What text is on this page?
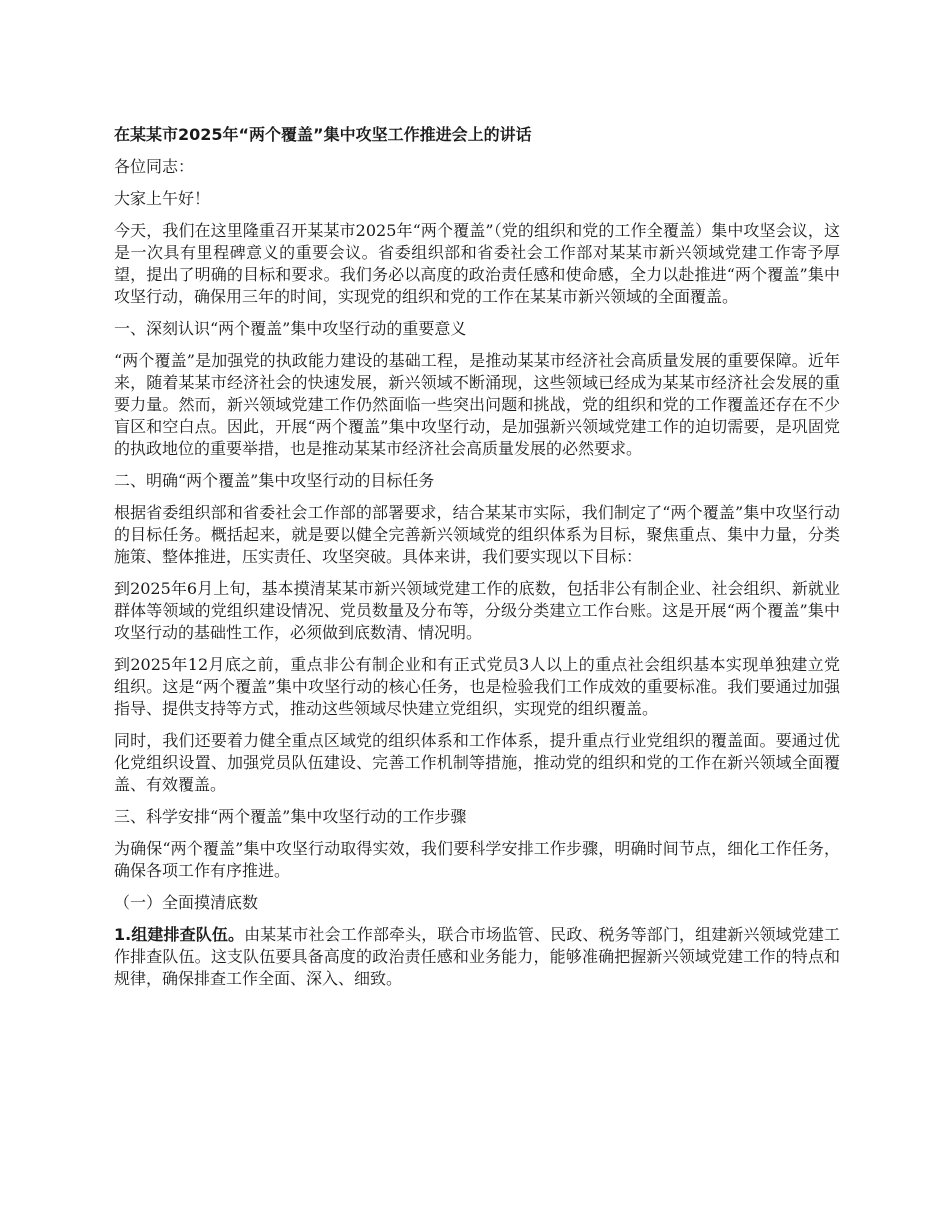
在某某市2025年“两个覆盖”集中攻坚工作推进会上的讲话

各位同志：

大家上午好！

今天，我们在这里隆重召开某某市2025年“两个覆盖”（党的组织和党的工作全覆盖）集中攻坚会议，这是一次具有里程碑意义的重要会议。省委组织部和省委社会工作部对某某市新兴领域党建工作寄予厚望，提出了明确的目标和要求。我们务必以高度的政治责任感和使命感，全力以赴推进“两个覆盖”集中攻坚行动，确保用三年的时间，实现党的组织和党的工作在某某市新兴领域的全面覆盖。

一、深刻认识“两个覆盖”集中攻坚行动的重要意义

“两个覆盖”是加强党的执政能力建设的基础工程，是推动某某市经济社会高质量发展的重要保障。近年来，随着某某市经济社会的快速发展，新兴领域不断涌现，这些领域已经成为某某市经济社会发展的重要力量。然而，新兴领域党建工作仍然面临一些突出问题和挑战，党的组织和党的工作覆盖还存在不少盲区和空白点。因此，开展“两个覆盖”集中攻坚行动，是加强新兴领域党建工作的迫切需要，是巩固党的执政地位的重要举措，也是推动某某市经济社会高质量发展的必然要求。

二、明确“两个覆盖”集中攻坚行动的目标任务

根据省委组织部和省委社会工作部的部署要求，结合某某市实际，我们制定了“两个覆盖”集中攻坚行动的目标任务。概括起来，就是要以健全完善新兴领域党的组织体系为目标，聚焦重点、集中力量，分类施策、整体推进，压实责任、攻坚突破。具体来讲，我们要实现以下目标：

到2025年6月上旬，基本摸清某某市新兴领域党建工作的底数，包括非公有制企业、社会组织、新就业群体等领域的党组织建设情况、党员数量及分布等，分级分类建立工作台账。这是开展“两个覆盖”集中攻坚行动的基础性工作，必须做到底数清、情况明。

到2025年12月底之前，重点非公有制企业和有正式党员3人以上的重点社会组织基本实现单独建立党组织。这是“两个覆盖”集中攻坚行动的核心任务，也是检验我们工作成效的重要标准。我们要通过加强指导、提供支持等方式，推动这些领域尽快建立党组织，实现党的组织覆盖。

同时，我们还要着力健全重点区域党的组织体系和工作体系，提升重点行业党组织的覆盖面。要通过优化党组织设置、加强党员队伍建设、完善工作机制等措施，推动党的组织和党的工作在新兴领域全面覆盖、有效覆盖。

三、科学安排“两个覆盖”集中攻坚行动的工作步骤

为确保“两个覆盖”集中攻坚行动取得实效，我们要科学安排工作步骤，明确时间节点，细化工作任务，确保各项工作有序推进。

（一）全面摸清底数

1.组建排查队伍。由某某市社会工作部牵头，联合市场监管、民政、税务等部门，组建新兴领域党建工作排查队伍。这支队伍要具备高度的政治责任感和业务能力，能够准确把握新兴领域党建工作的特点和规律，确保排查工作全面、深入、细致。
